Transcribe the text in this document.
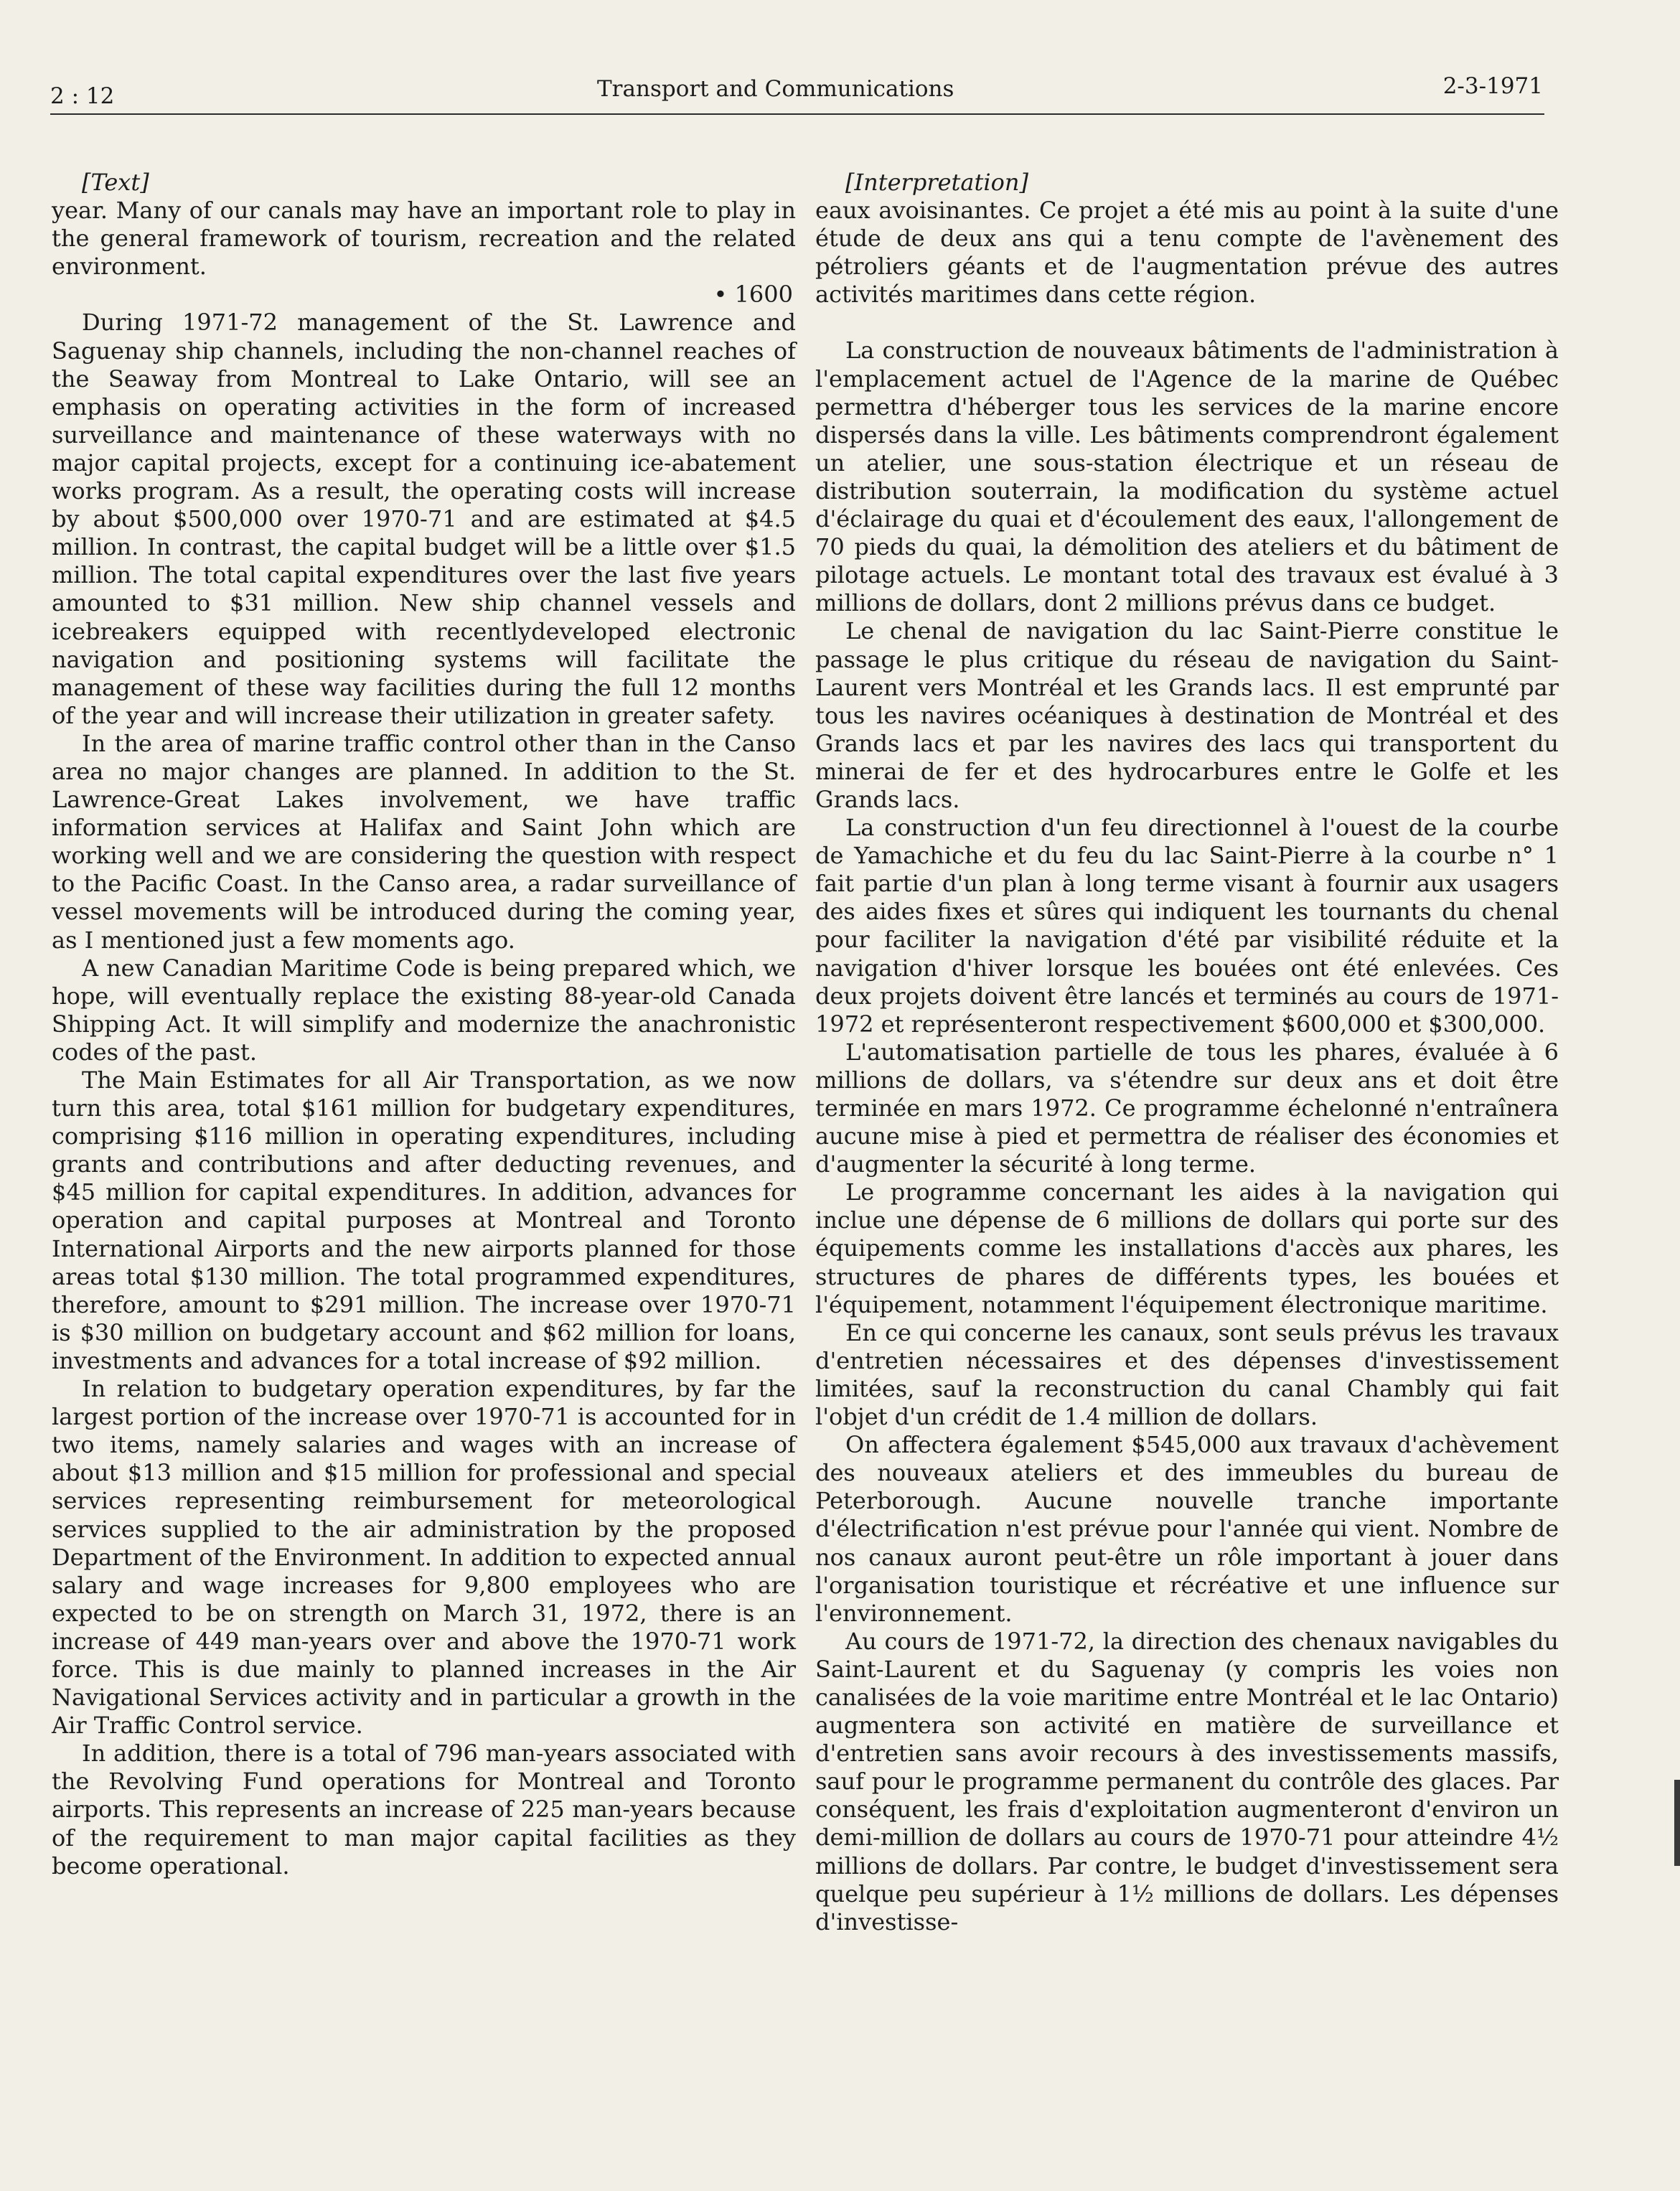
2 : 12	Transport and Communications	2-3-1971

[Text]

year. Many of our canals may have an important role to play in the general framework of tourism, recreation and the related environment.

• 1600

During 1971-72 management of the St. Lawrence and Saguenay ship channels, including the non-channel reaches of the Seaway from Montreal to Lake Ontario, will see an emphasis on operating activities in the form of increased surveillance and maintenance of these waterways with no major capital projects, except for a continuing ice-abatement works program. As a result, the operating costs will increase by about $500,000 over 1970-71 and are estimated at $4.5 million. In contrast, the capital budget will be a little over $1.5 million. The total capital expenditures over the last five years amounted to $31 million. New ship channel vessels and icebreakers equipped with recentlydeveloped electronic navigation and positioning systems will facilitate the management of these way facilities during the full 12 months of the year and will increase their utilization in greater safety.

In the area of marine traffic control other than in the Canso area no major changes are planned. In addition to the St. Lawrence-Great Lakes involvement, we have traffic information services at Halifax and Saint John which are working well and we are considering the question with respect to the Pacific Coast. In the Canso area, a radar surveillance of vessel movements will be introduced during the coming year, as I mentioned just a few moments ago.

A new Canadian Maritime Code is being prepared which, we hope, will eventually replace the existing 88-year-old Canada Shipping Act. It will simplify and modernize the anachronistic codes of the past.

The Main Estimates for all Air Transportation, as we now turn this area, total $161 million for budgetary expenditures, comprising $116 million in operating expenditures, including grants and contributions and after deducting revenues, and $45 million for capital expenditures. In addition, advances for operation and capital purposes at Montreal and Toronto International Airports and the new airports planned for those areas total $130 million. The total programmed expenditures, therefore, amount to $291 million. The increase over 1970-71 is $30 million on budgetary account and $62 million for loans, investments and advances for a total increase of $92 million.

In relation to budgetary operation expenditures, by far the largest portion of the increase over 1970-71 is accounted for in two items, namely salaries and wages with an increase of about $13 million and $15 million for professional and special services representing reimbursement for meteorological services supplied to the air administration by the proposed Department of the Environment. In addition to expected annual salary and wage increases for 9,800 employees who are expected to be on strength on March 31, 1972, there is an increase of 449 man-years over and above the 1970-71 work force. This is due mainly to planned increases in the Air Navigational Services activity and in particular a growth in the Air Traffic Control service.

In addition, there is a total of 796 man-years associated with the Revolving Fund operations for Montreal and Toronto airports. This represents an increase of 225 man-years because of the requirement to man major capital facilities as they become operational.

[Interpretation]

eaux avoisinantes. Ce projet a été mis au point à la suite d'une étude de deux ans qui a tenu compte de l'avènement des pétroliers géants et de l'augmentation prévue des autres activités maritimes dans cette région.

La construction de nouveaux bâtiments de l'administration à l'emplacement actuel de l'Agence de la marine de Québec permettra d'héberger tous les services de la marine encore dispersés dans la ville. Les bâtiments comprendront également un atelier, une sous-station électrique et un réseau de distribution souterrain, la modification du système actuel d'éclairage du quai et d'écoulement des eaux, l'allongement de 70 pieds du quai, la démolition des ateliers et du bâtiment de pilotage actuels. Le montant total des travaux est évalué à 3 millions de dollars, dont 2 millions prévus dans ce budget.

Le chenal de navigation du lac Saint-Pierre constitue le passage le plus critique du réseau de navigation du Saint-Laurent vers Montréal et les Grands lacs. Il est emprunté par tous les navires océaniques à destination de Montréal et des Grands lacs et par les navires des lacs qui transportent du minerai de fer et des hydrocarbures entre le Golfe et les Grands lacs.

La construction d'un feu directionnel à l'ouest de la courbe de Yamachiche et du feu du lac Saint-Pierre à la courbe n° 1 fait partie d'un plan à long terme visant à fournir aux usagers des aides fixes et sûres qui indiquent les tournants du chenal pour faciliter la navigation d'été par visibilité réduite et la navigation d'hiver lorsque les bouées ont été enlevées. Ces deux projets doivent être lancés et terminés au cours de 1971-1972 et représenteront respectivement $600,000 et $300,000.

L'automatisation partielle de tous les phares, évaluée à 6 millions de dollars, va s'étendre sur deux ans et doit être terminée en mars 1972. Ce programme échelonné n'entraînera aucune mise à pied et permettra de réaliser des économies et d'augmenter la sécurité à long terme.

Le programme concernant les aides à la navigation qui inclue une dépense de 6 millions de dollars qui porte sur des équipements comme les installations d'accès aux phares, les structures de phares de différents types, les bouées et l'équipement, notamment l'équipement électronique maritime.

En ce qui concerne les canaux, sont seuls prévus les travaux d'entretien nécessaires et des dépenses d'investissement limitées, sauf la reconstruction du canal Chambly qui fait l'objet d'un crédit de 1.4 million de dollars.

On affectera également $545,000 aux travaux d'achèvement des nouveaux ateliers et des immeubles du bureau de Peterborough. Aucune nouvelle tranche importante d'électrification n'est prévue pour l'année qui vient. Nombre de nos canaux auront peut-être un rôle important à jouer dans l'organisation touristique et récréative et une influence sur l'environnement.

Au cours de 1971-72, la direction des chenaux navigables du Saint-Laurent et du Saguenay (y compris les voies non canalisées de la voie maritime entre Montréal et le lac Ontario) augmentera son activité en matière de surveillance et d'entretien sans avoir recours à des investissements massifs, sauf pour le programme permanent du contrôle des glaces. Par conséquent, les frais d'exploitation augmenteront d'environ un demi-million de dollars au cours de 1970-71 pour atteindre 4½ millions de dollars. Par contre, le budget d'investissement sera quelque peu supérieur à 1½ millions de dollars. Les dépenses d'investisse-
